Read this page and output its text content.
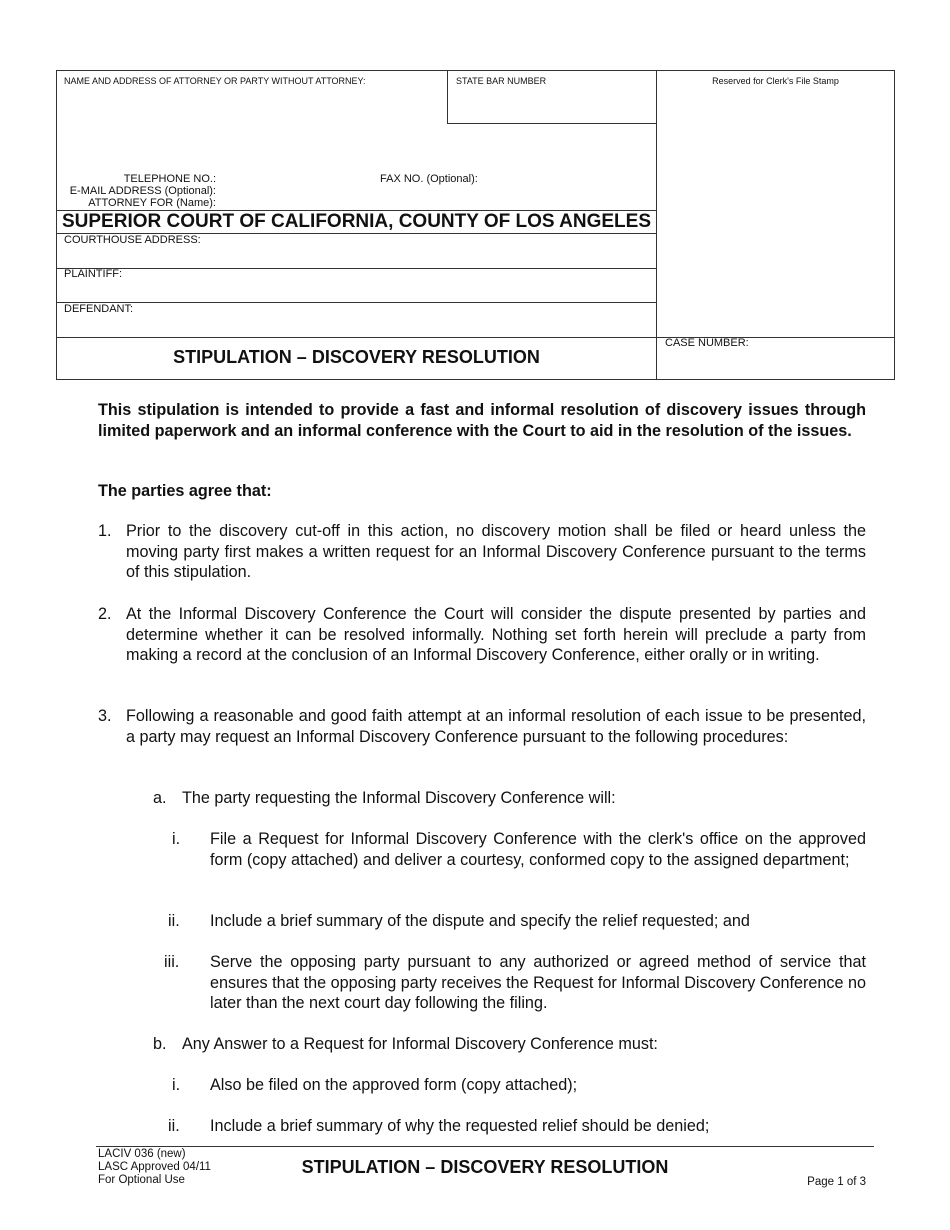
NAME AND ADDRESS OF ATTORNEY OR PARTY WITHOUT ATTORNEY:	STATE BAR NUMBER	Reserved for Clerk's File Stamp
TELEPHONE NO.:	FAX NO. (Optional):
E-MAIL ADDRESS (Optional):
ATTORNEY FOR (Name):
SUPERIOR COURT OF CALIFORNIA, COUNTY OF LOS ANGELES
COURTHOUSE ADDRESS:
PLAINTIFF:
DEFENDANT:
STIPULATION – DISCOVERY RESOLUTION
CASE NUMBER:
This stipulation is intended to provide a fast and informal resolution of discovery issues through limited paperwork and an informal conference with the Court to aid in the resolution of the issues.
The parties agree that:
1. Prior to the discovery cut-off in this action, no discovery motion shall be filed or heard unless the moving party first makes a written request for an Informal Discovery Conference pursuant to the terms of this stipulation.
2. At the Informal Discovery Conference the Court will consider the dispute presented by parties and determine whether it can be resolved informally. Nothing set forth herein will preclude a party from making a record at the conclusion of an Informal Discovery Conference, either orally or in writing.
3. Following a reasonable and good faith attempt at an informal resolution of each issue to be presented, a party may request an Informal Discovery Conference pursuant to the following procedures:
a. The party requesting the Informal Discovery Conference will:
i. File a Request for Informal Discovery Conference with the clerk's office on the approved form (copy attached) and deliver a courtesy, conformed copy to the assigned department;
ii. Include a brief summary of the dispute and specify the relief requested; and
iii. Serve the opposing party pursuant to any authorized or agreed method of service that ensures that the opposing party receives the Request for Informal Discovery Conference no later than the next court day following the filing.
b. Any Answer to a Request for Informal Discovery Conference must:
i. Also be filed on the approved form (copy attached);
ii. Include a brief summary of why the requested relief should be denied;
LACIV 036 (new)
LASC Approved 04/11
For Optional Use
STIPULATION – DISCOVERY RESOLUTION
Page 1 of 3
